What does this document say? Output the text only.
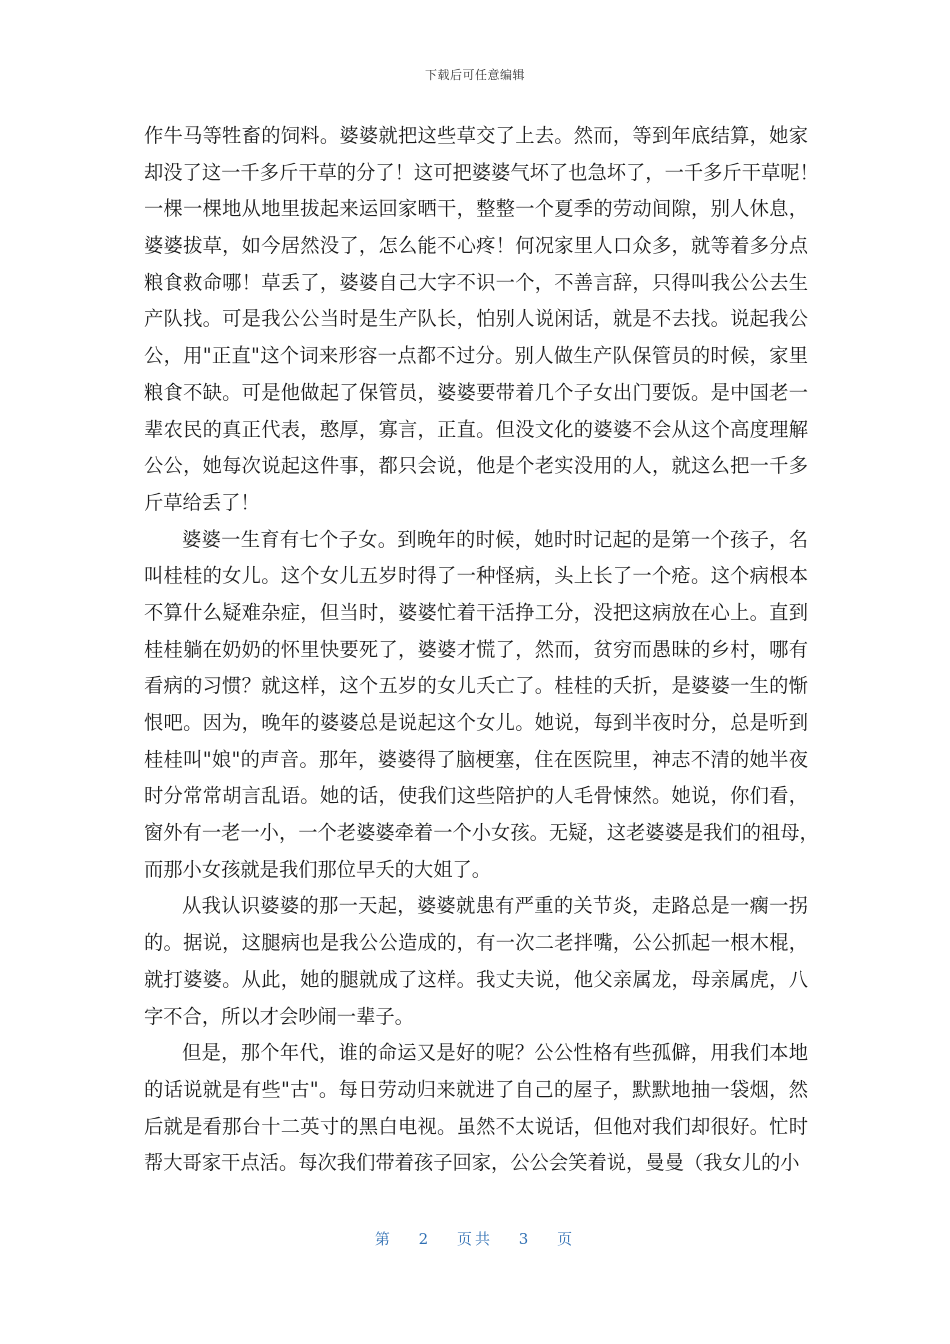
下载后可任意编辑
作牛马等牲畜的饲料。婆婆就把这些草交了上去。然而，等到年底结算，她家
却没了这一千多斤干草的分了！这可把婆婆气坏了也急坏了，一千多斤干草呢！
一棵一棵地从地里拔起来运回家晒干，整整一个夏季的劳动间隙，别人休息，
婆婆拔草，如今居然没了，怎么能不心疼！何况家里人口众多，就等着多分点
粮食救命哪！草丢了，婆婆自己大字不识一个，不善言辞，只得叫我公公去生
产队找。可是我公公当时是生产队长，怕别人说闲话，就是不去找。说起我公
公，用"正直"这个词来形容一点都不过分。别人做生产队保管员的时候，家里
粮食不缺。可是他做起了保管员，婆婆要带着几个子女出门要饭。是中国老一
辈农民的真正代表，憨厚，寡言，正直。但没文化的婆婆不会从这个高度理解
公公，她每次说起这件事，都只会说，他是个老实没用的人，就这么把一千多
斤草给丢了！
婆婆一生育有七个子女。到晚年的时候，她时时记起的是第一个孩子，名
叫桂桂的女儿。这个女儿五岁时得了一种怪病，头上长了一个疮。这个病根本
不算什么疑难杂症，但当时，婆婆忙着干活挣工分，没把这病放在心上。直到
桂桂躺在奶奶的怀里快要死了，婆婆才慌了，然而，贫穷而愚昧的乡村，哪有
看病的习惯？就这样，这个五岁的女儿夭亡了。桂桂的夭折，是婆婆一生的惭
恨吧。因为，晚年的婆婆总是说起这个女儿。她说，每到半夜时分，总是听到
桂桂叫"娘"的声音。那年，婆婆得了脑梗塞，住在医院里，神志不清的她半夜
时分常常胡言乱语。她的话，使我们这些陪护的人毛骨悚然。她说，你们看，
窗外有一老一小，一个老婆婆牵着一个小女孩。无疑，这老婆婆是我们的祖母，
而那小女孩就是我们那位早夭的大姐了。
从我认识婆婆的那一天起，婆婆就患有严重的关节炎，走路总是一瘸一拐
的。据说，这腿病也是我公公造成的，有一次二老拌嘴，公公抓起一根木棍，
就打婆婆。从此，她的腿就成了这样。我丈夫说，他父亲属龙，母亲属虎，八
字不合，所以才会吵闹一辈子。
但是，那个年代，谁的命运又是好的呢？公公性格有些孤僻，用我们本地
的话说就是有些"古"。每日劳动归来就进了自己的屋子，默默地抽一袋烟，然
后就是看那台十二英寸的黑白电视。虽然不太说话，但他对我们却很好。忙时
帮大哥家干点活。每次我们带着孩子回家，公公会笑着说，曼曼（我女儿的小
第 2 页共 3 页
